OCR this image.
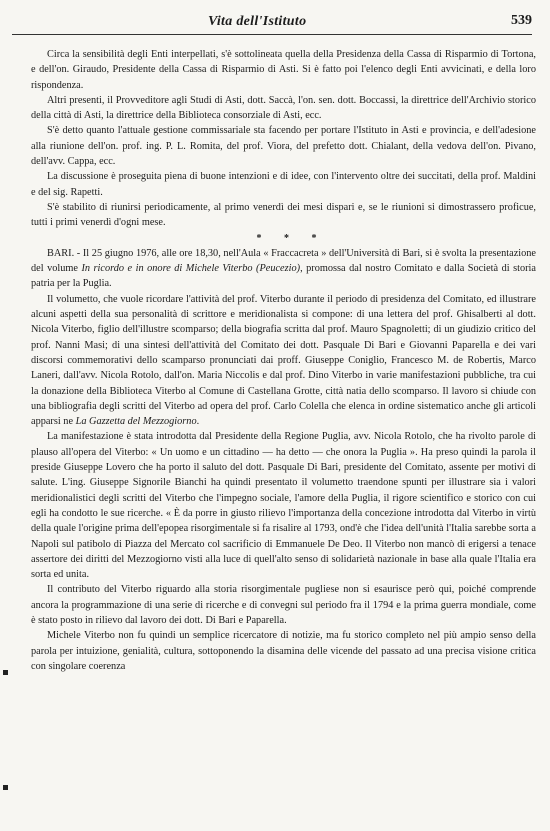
Vita dell'Istituto	539

Circa la sensibilità degli Enti interpellati, s'è sottolineata quella della Presidenza della Cassa di Risparmio di Tortona, e dell'on. Giraudo, Presidente della Cassa di Risparmio di Asti. Si è fatto poi l'elenco degli Enti avvicinati, e della loro rispondenza.

Altri presenti, il Provveditore agli Studi di Asti, dott. Saccà, l'on. sen. dott. Boccassi, la direttrice dell'Archivio storico della città di Asti, la direttrice della Biblioteca consorziale di Asti, ecc.

S'è detto quanto l'attuale gestione commissariale sta facendo per portare l'Istituto in Asti e provincia, e dell'adesione alla riunione dell'on. prof. ing. P. L. Romita, del prof. Viora, del prefetto dott. Chialant, della vedova dell'on. Pivano, dell'avv. Cappa, ecc.

La discussione è proseguita piena di buone intenzioni e di idee, con l'intervento oltre dei succitati, della prof. Maldini e del sig. Rapetti.

S'è stabilito di riunirsi periodicamente, al primo venerdì dei mesi dispari e, se le riunioni si dimostrassero proficue, tutti i primi venerdì d'ogni mese.

* * *

BARI. - Il 25 giugno 1976, alle ore 18,30, nell'Aula « Fraccacreta » dell'Università di Bari, si è svolta la presentazione del volume In ricordo e in onore di Michele Viterbo (Peucezio), promossa dal nostro Comitato e dalla Società di storia patria per la Puglia.

Il volumetto, che vuole ricordare l'attività del prof. Viterbo durante il periodo di presidenza del Comitato, ed illustrare alcuni aspetti della sua personalità di scrittore e meridionalista si compone: di una lettera del prof. Ghisalberti al dott. Nicola Viterbo, figlio dell'illustre scomparso; della biografia scritta dal prof. Mauro Spagnoletti; di un giudizio critico del prof. Nanni Masi; di una sintesi dell'attività del Comitato dei dott. Pasquale Di Bari e Giovanni Paparella e dei vari discorsi commemorativi dello scamparso pronunciati dai proff. Giuseppe Coniglio, Francesco M. de Robertis, Marco Laneri, dall'avv. Nicola Rotolo, dall'on. Maria Niccolis e dal prof. Dino Viterbo in varie manifestazioni pubbliche, tra cui la donazione della Biblioteca Viterbo al Comune di Castellana Grotte, città natia dello scomparso. Il lavoro si chiude con una bibliografia degli scritti del Viterbo ad opera del prof. Carlo Colella che elenca in ordine sistematico anche gli articoli apparsi ne La Gazzetta del Mezzogiorno.

La manifestazione è stata introdotta dal Presidente della Regione Puglia, avv. Nicola Rotolo, che ha rivolto parole di plauso all'opera del Viterbo: « Un uomo e un cittadino — ha detto — che onora la Puglia ». Ha preso quindi la parola il preside Giuseppe Lovero che ha porto il saluto del dott. Pasquale Di Bari, presidente del Comitato, assente per motivi di salute. L'ing. Giuseppe Signorile Bianchi ha quindi presentato il volumetto traendone spunti per illustrare sia i valori meridionalistici degli scritti del Viterbo che l'impegno sociale, l'amore della Puglia, il rigore scientifico e storico con cui egli ha condotto le sue ricerche. « È da porre in giusto rilievo l'importanza della concezione introdotta dal Viterbo in virtù della quale l'origine prima dell'epopea risorgimentale si fa risalire al 1793, ond'è che l'idea dell'unità l'Italia sarebbe sorta a Napoli sul patibolo di Piazza del Mercato col sacrificio di Emmanuele De Deo. Il Viterbo non mancò di erigersi a tenace assertore dei diritti del Mezzogiorno visti alla luce di quell'alto senso di solidarietà nazionale in base alla quale l'Italia era sorta ed unita.

Il contributo del Viterbo riguardo alla storia risorgimentale pugliese non si esaurisce però qui, poiché comprende ancora la programmazione di una serie di ricerche e di convegni sul periodo fra il 1794 e la prima guerra mondiale, come è stato posto in rilievo dal lavoro dei dott. Di Bari e Paparella.

Michele Viterbo non fu quindi un semplice ricercatore di notizie, ma fu storico completo nel più ampio senso della parola per intuizione, genialità, cultura, sottoponendo la disamina delle vicende del passato ad una precisa visione critica con singolare coerenza
